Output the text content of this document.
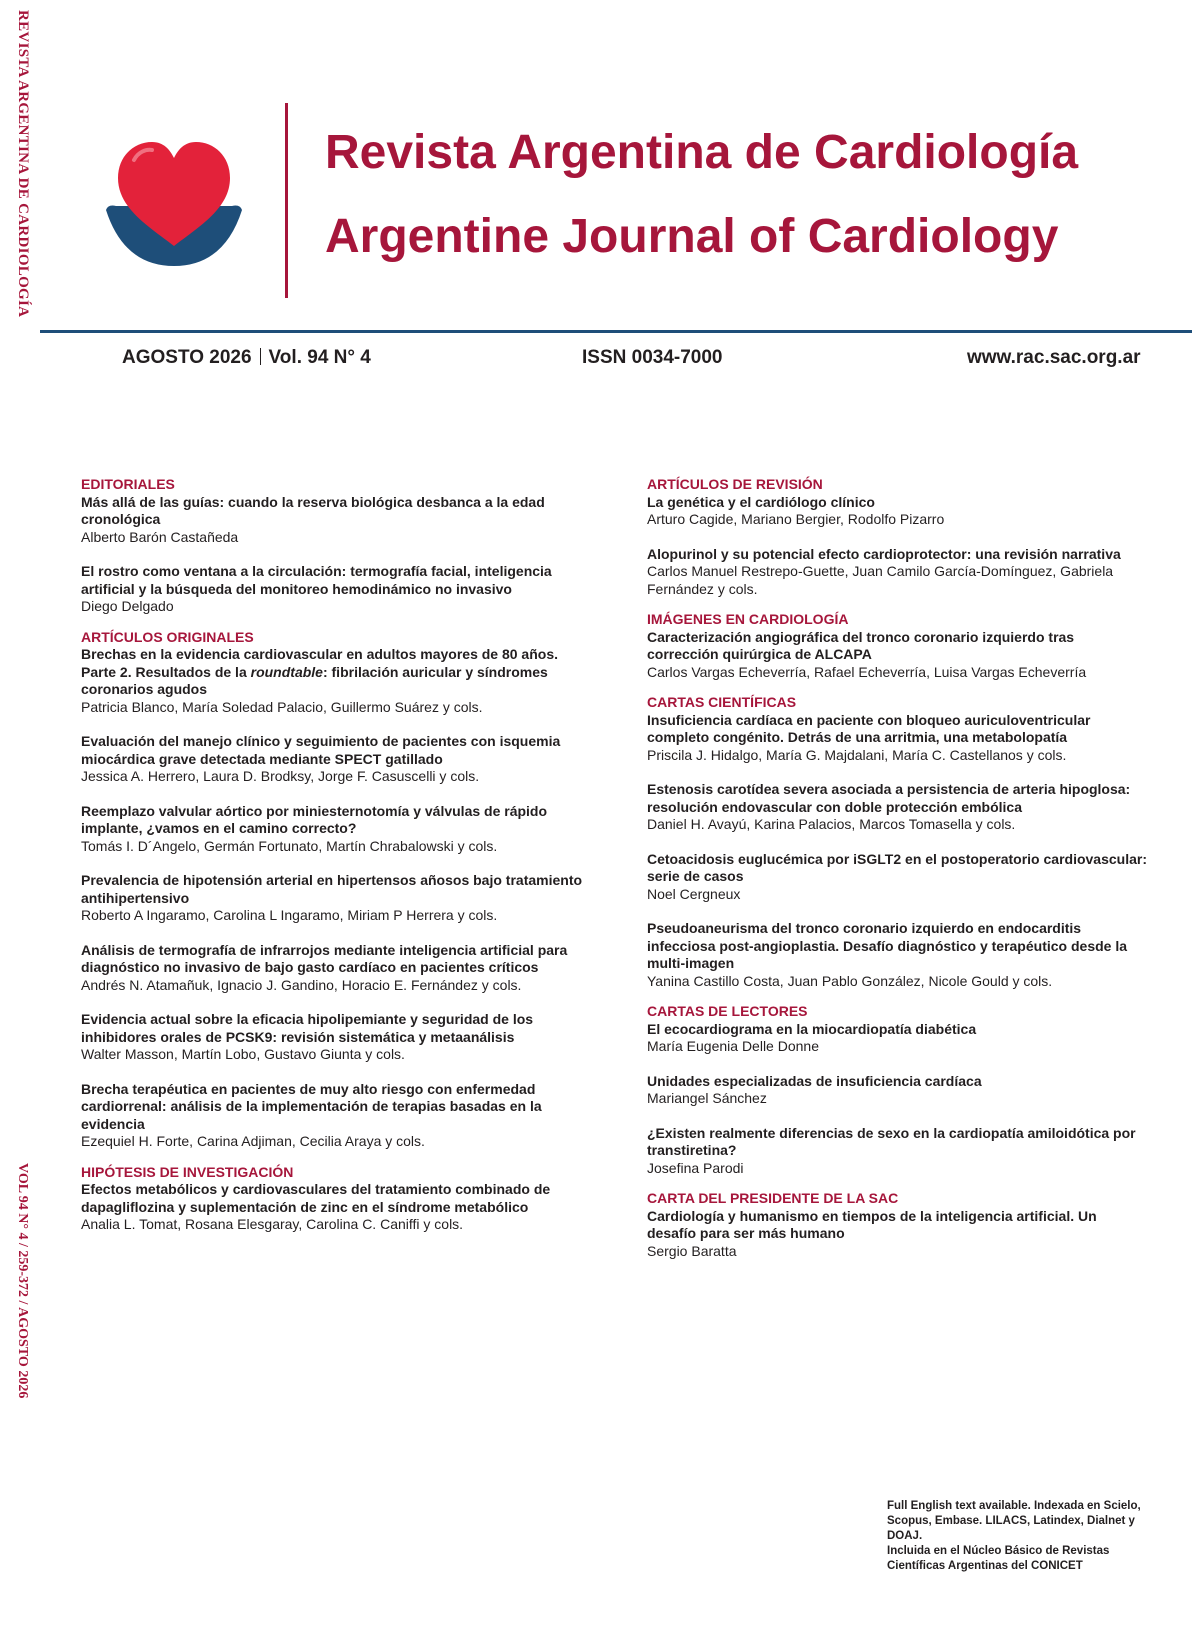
REVISTA ARGENTINA DE CARDIOLOGÍA
VOL 94 N° 4 / 259-372 / AGOSTO 2026
Revista Argentina de Cardiología
Argentine Journal of Cardiology
AGOSTO 2026 Vol. 94 N° 4	ISSN 0034-7000	www.rac.sac.org.ar

EDITORIALES

Más allá de las guías: cuando la reserva biológica desbanca a la edad cronológica

Alberto Barón Castañeda

El rostro como ventana a la circulación: termografía facial, inteligencia artificial y la búsqueda del monitoreo hemodinámico no invasivo

Diego Delgado

ARTÍCULOS ORIGINALES

Brechas en la evidencia cardiovascular en adultos mayores de 80 años. Parte 2. Resultados de la roundtable: fibrilación auricular y síndromes coronarios agudos

Patricia Blanco, María Soledad Palacio, Guillermo Suárez y cols.

Evaluación del manejo clínico y seguimiento de pacientes con isquemia miocárdica grave detectada mediante SPECT gatillado

Jessica A. Herrero, Laura D. Brodksy, Jorge F. Casuscelli y cols.

Reemplazo valvular aórtico por miniesternotomía y válvulas de rápido implante, ¿vamos en el camino correcto?

Tomás I. D´Angelo, Germán Fortunato, Martín Chrabalowski y cols.

Prevalencia de hipotensión arterial en hipertensos añosos bajo tratamiento antihipertensivo

Roberto A Ingaramo, Carolina L Ingaramo, Miriam P Herrera y cols.

Análisis de termografía de infrarrojos mediante inteligencia artificial para diagnóstico no invasivo de bajo gasto cardíaco en pacientes críticos

Andrés N. Atamañuk, Ignacio J. Gandino, Horacio E. Fernández y cols.

Evidencia actual sobre la eficacia hipolipemiante y seguridad de los inhibidores orales de PCSK9: revisión sistemática y metaanálisis

Walter Masson, Martín Lobo, Gustavo Giunta y cols.

Brecha terapéutica en pacientes de muy alto riesgo con enfermedad cardiorrenal: análisis de la implementación de terapias basadas en la evidencia

Ezequiel H. Forte, Carina Adjiman, Cecilia Araya y cols.

HIPÓTESIS DE INVESTIGACIÓN

Efectos metabólicos y cardiovasculares del tratamiento combinado de dapagliflozina y suplementación de zinc en el síndrome metabólico

Analia L. Tomat, Rosana Elesgaray, Carolina C. Caniffi y cols.

ARTÍCULOS DE REVISIÓN

La genética y el cardiólogo clínico

Arturo Cagide, Mariano Bergier, Rodolfo Pizarro

Alopurinol y su potencial efecto cardioprotector: una revisión narrativa

Carlos Manuel Restrepo-Guette, Juan Camilo García-Domínguez, Gabriela Fernández y cols.

IMÁGENES EN CARDIOLOGÍA

Caracterización angiográfica del tronco coronario izquierdo tras corrección quirúrgica de ALCAPA

Carlos Vargas Echeverría, Rafael Echeverría, Luisa Vargas Echeverría

CARTAS CIENTÍFICAS

Insuficiencia cardíaca en paciente con bloqueo auriculoventricular completo congénito. Detrás de una arritmia, una metabolopatía

Priscila J. Hidalgo, María G. Majdalani, María C. Castellanos y cols.

Estenosis carotídea severa asociada a persistencia de arteria hipoglosa: resolución endovascular con doble protección embólica

Daniel H. Avayú, Karina Palacios, Marcos Tomasella y cols.

Cetoacidosis euglucémica por iSGLT2 en el postoperatorio cardiovascular: serie de casos

Noel Cergneux

Pseudoaneurisma del tronco coronario izquierdo en endocarditis infecciosa post-angioplastia. Desafío diagnóstico y terapéutico desde la multi-imagen

Yanina Castillo Costa, Juan Pablo González, Nicole Gould y cols.

CARTAS DE LECTORES

El ecocardiograma en la miocardiopatía diabética

María Eugenia Delle Donne

Unidades especializadas de insuficiencia cardíaca

Mariangel Sánchez

¿Existen realmente diferencias de sexo en la cardiopatía amiloidótica por transtiretina?

Josefina Parodi

CARTA DEL PRESIDENTE DE LA SAC

Cardiología y humanismo en tiempos de la inteligencia artificial. Un desafío para ser más humano

Sergio Baratta

Full English text available. Indexada en Scielo, Scopus, Embase. LILACS, Latindex, Dialnet y DOAJ.

Incluida en el Núcleo Básico de Revistas Científicas Argentinas del CONICET
